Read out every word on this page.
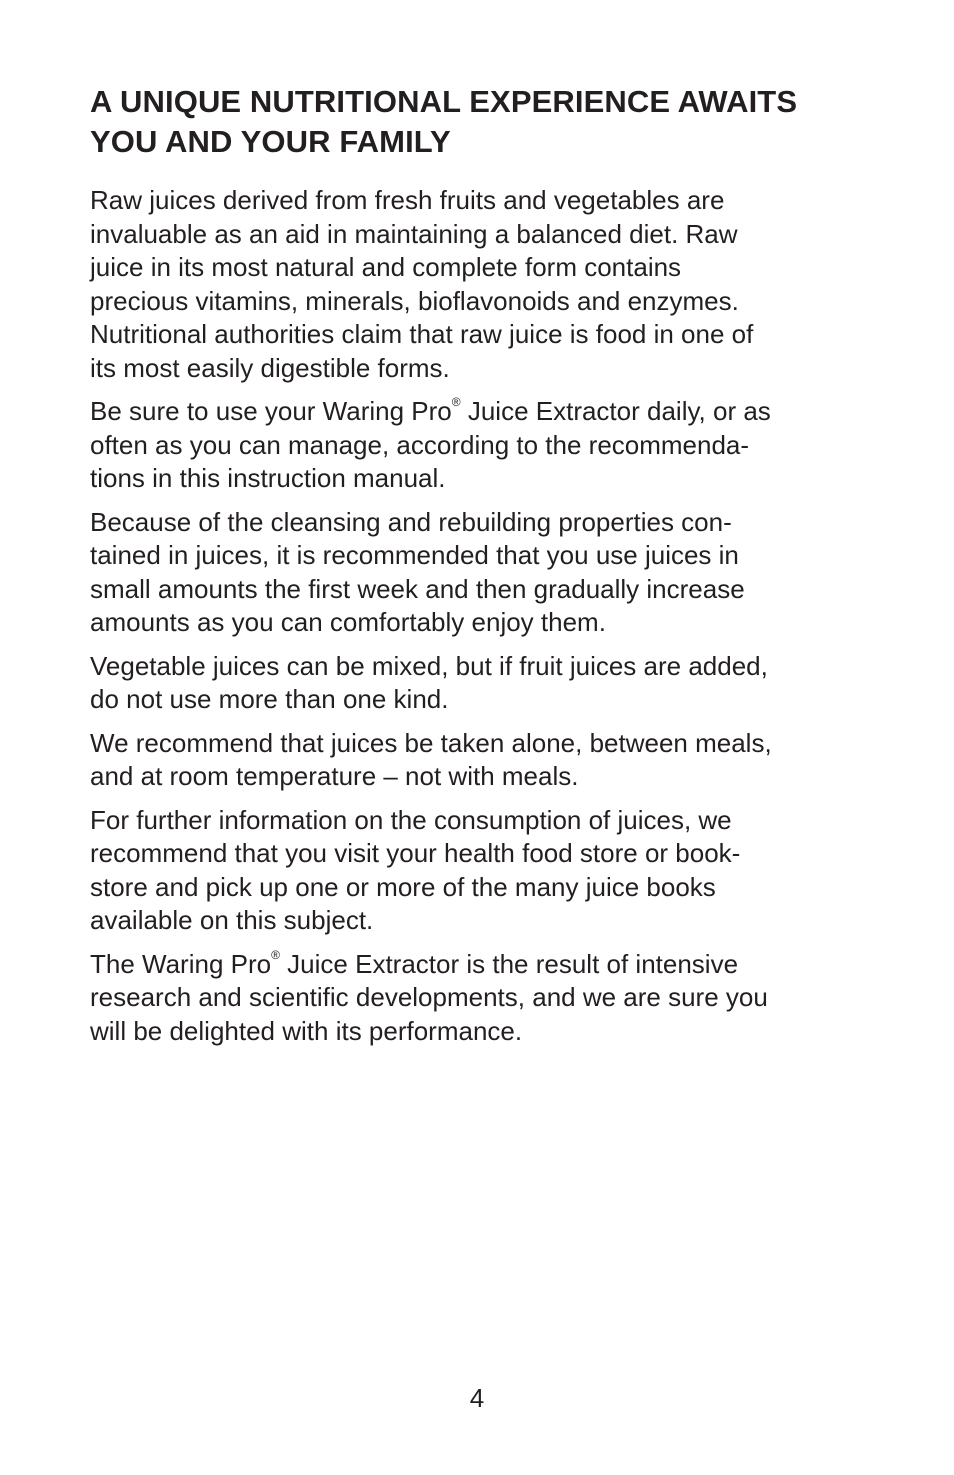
A UNIQUE NUTRITIONAL EXPERIENCE AWAITS
YOU AND YOUR FAMILY

Raw juices derived from fresh fruits and vegetables are
invaluable as an aid in maintaining a balanced diet. Raw
juice in its most natural and complete form contains
precious vitamins, minerals, bioflavonoids and enzymes.
Nutritional authorities claim that raw juice is food in one of
its most easily digestible forms.

Be sure to use your Waring Pro® Juice Extractor daily, or as
often as you can manage, according to the recommenda-
tions in this instruction manual.

Because of the cleansing and rebuilding properties con-
tained in juices, it is recommended that you use juices in
small amounts the first week and then gradually increase
amounts as you can comfortably enjoy them.

Vegetable juices can be mixed, but if fruit juices are added,
do not use more than one kind.

We recommend that juices be taken alone, between meals,
and at room temperature – not with meals.

For further information on the consumption of juices, we
recommend that you visit your health food store or book-
store and pick up one or more of the many juice books
available on this subject.

The Waring Pro® Juice Extractor is the result of intensive
research and scientific developments, and we are sure you
will be delighted with its performance.

4
